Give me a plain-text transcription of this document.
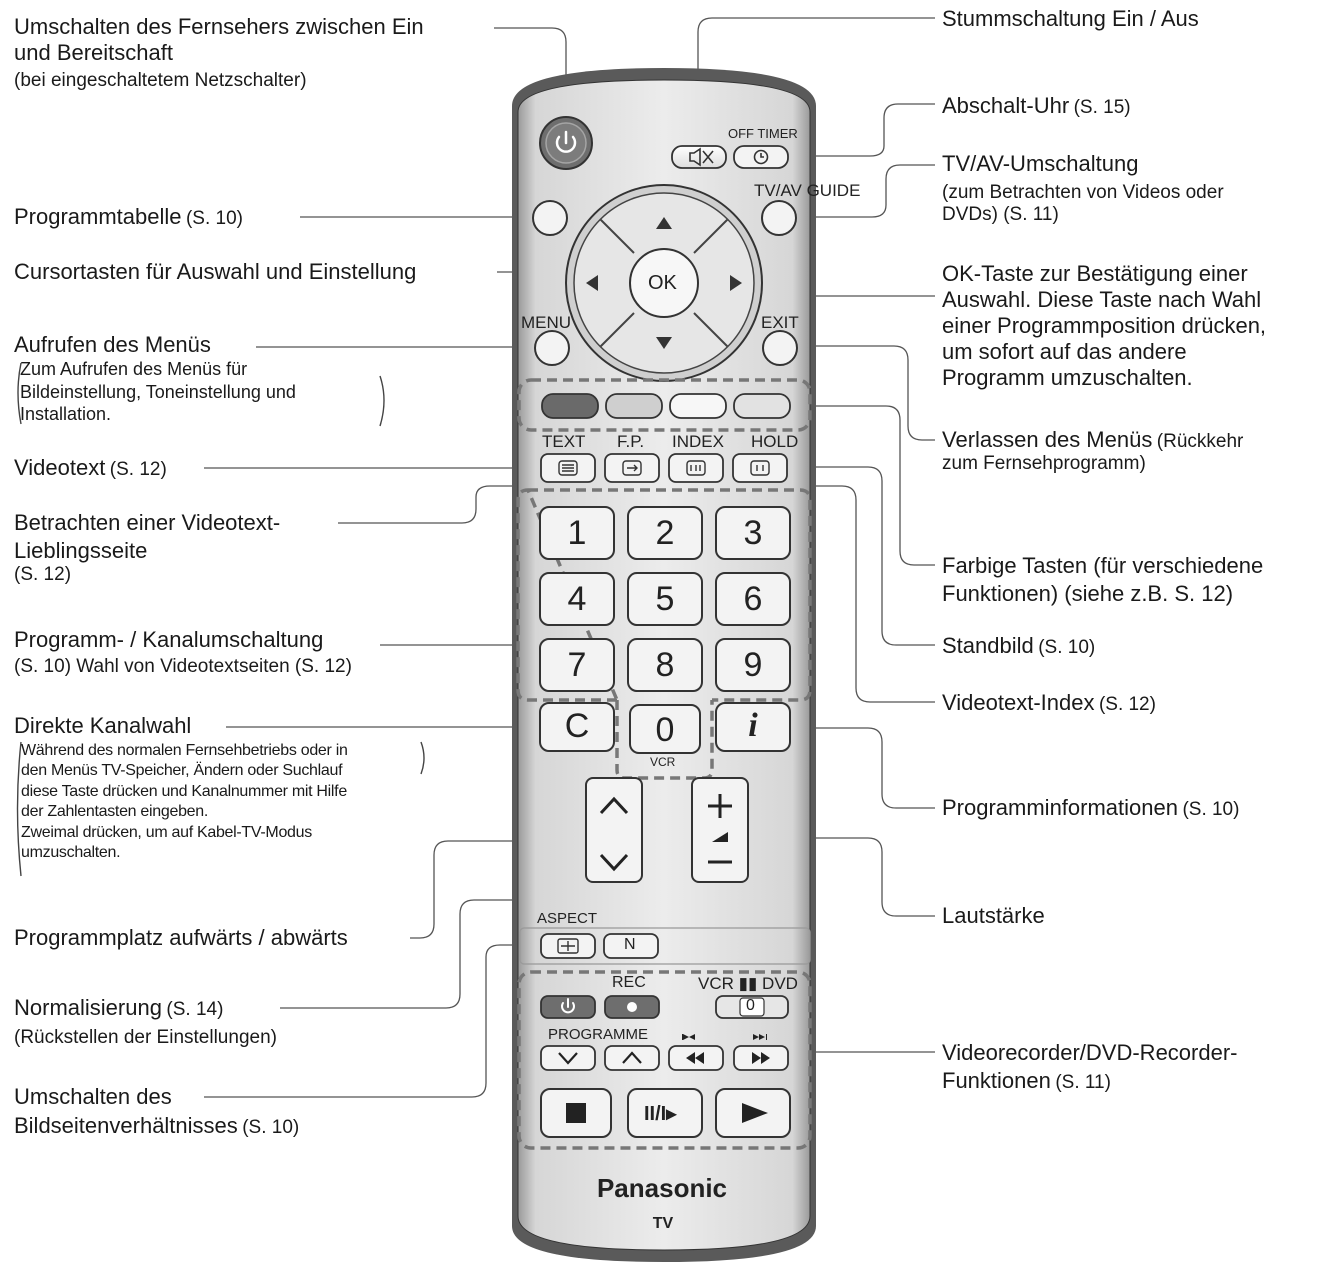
OFF TIMER
TV/AV GUIDE
OK
MENU	EXIT
TEXT F.P. INDEX HOLD
1	2	3
4	5	6
7	8	9
C	0	i
VCR
ASPECT
N
REC	VCR ▮▮ DVD
0
PROGRAMME
II/I▸
Panasonic
TV
Umschalten des Fernsehers zwischen Ein
und Bereitschaft
(bei eingeschaltetem Netzschalter)
Programmtabelle (S. 10)
Cursortasten für Auswahl und Einstellung
Aufrufen des Menüs
Zum Aufrufen des Menüs für
Bildeinstellung, Toneinstellung und
Installation.
Videotext (S. 12)
Betrachten einer Videotext-
Lieblingsseite
(S. 12)
Programm- / Kanalumschaltung
(S. 10) Wahl von Videotextseiten (S. 12)
Direkte Kanalwahl
Während des normalen Fernsehbetriebs oder in
den Menüs TV-Speicher, Ändern oder Suchlauf
diese Taste drücken und Kanalnummer mit Hilfe
der Zahlentasten eingeben.
Zweimal drücken, um auf Kabel-TV-Modus
umzuschalten.
Programmplatz aufwärts / abwärts
Normalisierung (S. 14)
(Rückstellen der Einstellungen)
Umschalten des
Bildseitenverhältnisses (S. 10)
Stummschaltung Ein / Aus
Abschalt-Uhr (S. 15)
TV/AV-Umschaltung
(zum Betrachten von Videos oder
DVDs) (S. 11)
OK-Taste zur Bestätigung einer
Auswahl. Diese Taste nach Wahl
einer Programmposition drücken,
um sofort auf das andere
Programm umzuschalten.
Verlassen des Menüs (Rückkehr
zum Fernsehprogramm)
Farbige Tasten (für verschiedene
Funktionen) (siehe z.B. S. 12)
Standbild (S. 10)
Videotext-Index (S. 12)
Programminformationen (S. 10)
Lautstärke
Videorecorder/DVD-Recorder-
Funktionen (S. 11)
